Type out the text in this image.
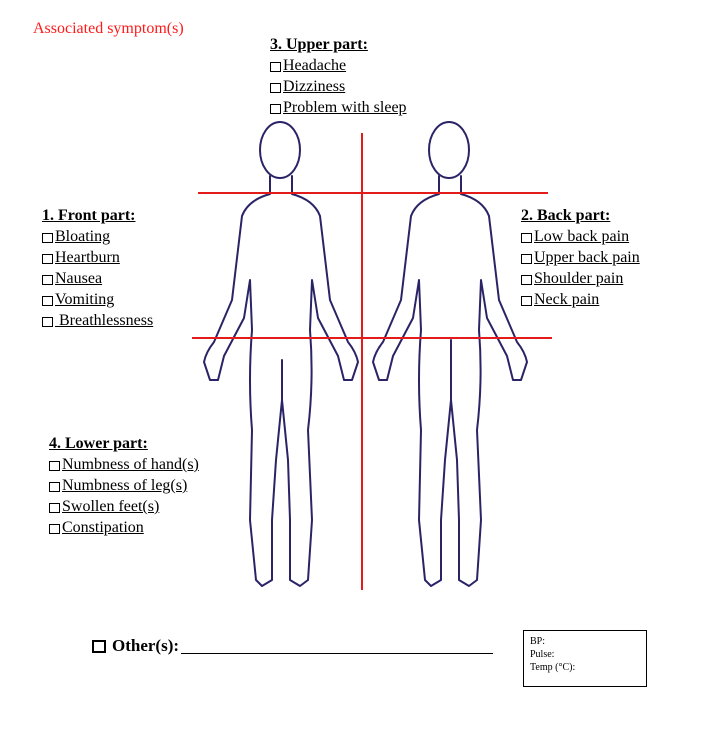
Associated symptom(s)
3. Upper part:
Headache
Dizziness
Problem with sleep
1. Front part:
Bloating
Heartburn
Nausea
Vomiting
Breathlessness
2. Back part:
Low back pain
Upper back pain
Shoulder pain
Neck pain
4. Lower part:
Numbness of hand(s)
Numbness of leg(s)
Swollen feet(s)
Constipation
Other(s):	BP:
Pulse:
Temp (°C):
